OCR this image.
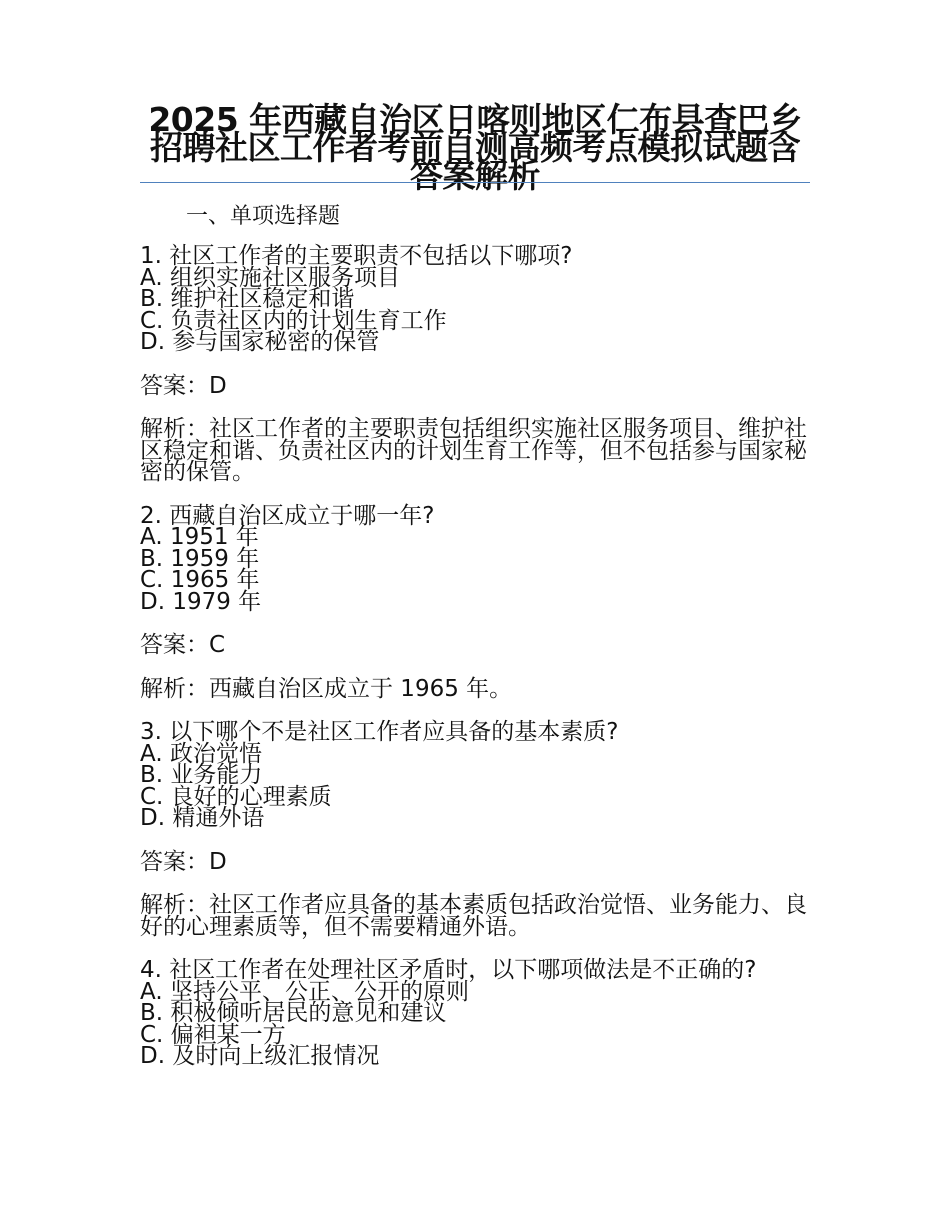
2025 年西藏自治区日喀则地区仁布县查巴乡招聘社区工作者考前自测高频考点模拟试题含答案解析
一、单项选择题

1. 社区工作者的主要职责不包括以下哪项?

A. 组织实施社区服务项目

B. 维护社区稳定和谐

C. 负责社区内的计划生育工作

D. 参与国家秘密的保管

答案：D

解析：社区工作者的主要职责包括组织实施社区服务项目、维护社区稳定和谐、负责社区内的计划生育工作等，但不包括参与国家秘密的保管。

2. 西藏自治区成立于哪一年?

A. 1951 年

B. 1959 年

C. 1965 年

D. 1979 年

答案：C

解析：西藏自治区成立于 1965 年。

3. 以下哪个不是社区工作者应具备的基本素质?

A. 政治觉悟

B. 业务能力

C. 良好的心理素质

D. 精通外语

答案：D

解析：社区工作者应具备的基本素质包括政治觉悟、业务能力、良好的心理素质等，但不需要精通外语。

4. 社区工作者在处理社区矛盾时，以下哪项做法是不正确的?

A. 坚持公平、公正、公开的原则

B. 积极倾听居民的意见和建议

C. 偏袒某一方

D. 及时向上级汇报情况
